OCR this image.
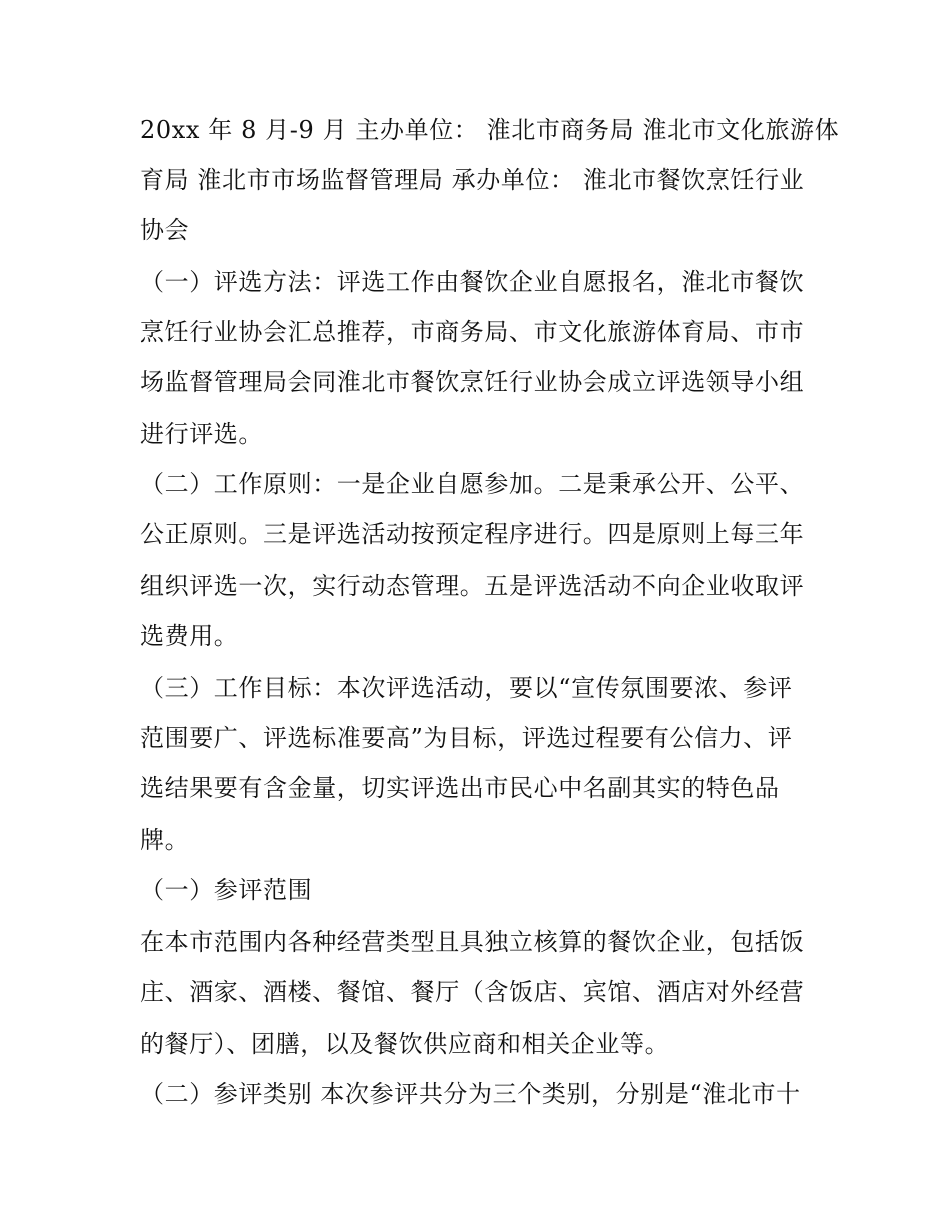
20xx 年 8 月-9 月 主办单位： 淮北市商务局 淮北市文化旅游体
育局 淮北市市场监督管理局 承办单位： 淮北市餐饮烹饪行业
协会
（一）评选方法：评选工作由餐饮企业自愿报名，淮北市餐饮
烹饪行业协会汇总推荐，市商务局、市文化旅游体育局、市市
场监督管理局会同淮北市餐饮烹饪行业协会成立评选领导小组
进行评选。
（二）工作原则：一是企业自愿参加。二是秉承公开、公平、
公正原则。三是评选活动按预定程序进行。四是原则上每三年
组织评选一次，实行动态管理。五是评选活动不向企业收取评
选费用。
（三）工作目标：本次评选活动，要以“宣传氛围要浓、参评
范围要广、评选标准要高”为目标，评选过程要有公信力、评
选结果要有含金量，切实评选出市民心中名副其实的特色品
牌。
（一）参评范围
在本市范围内各种经营类型且具独立核算的餐饮企业，包括饭
庄、酒家、酒楼、餐馆、餐厅（含饭店、宾馆、酒店对外经营
的餐厅）、团膳，以及餐饮供应商和相关企业等。
（二）参评类别 本次参评共分为三个类别，分别是“淮北市十
